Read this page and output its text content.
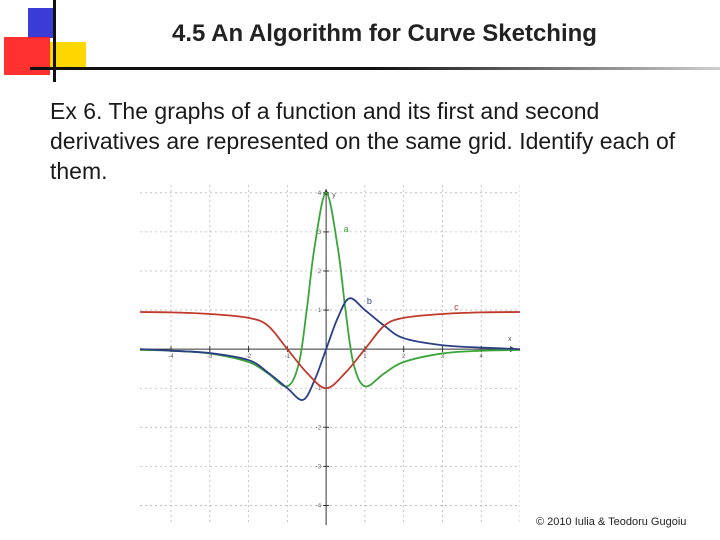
4.5 An Algorithm for Curve Sketching
Ex 6. The graphs of a function and its first and second derivatives are represented on the same grid. Identify each of them.
x
y
-4	-3	-2	-1	1	2	3	4
-4
-3
-2
-1
1
2
3
4
a
b
c
© 2010 Iulia & Teodoru Gugoiu
